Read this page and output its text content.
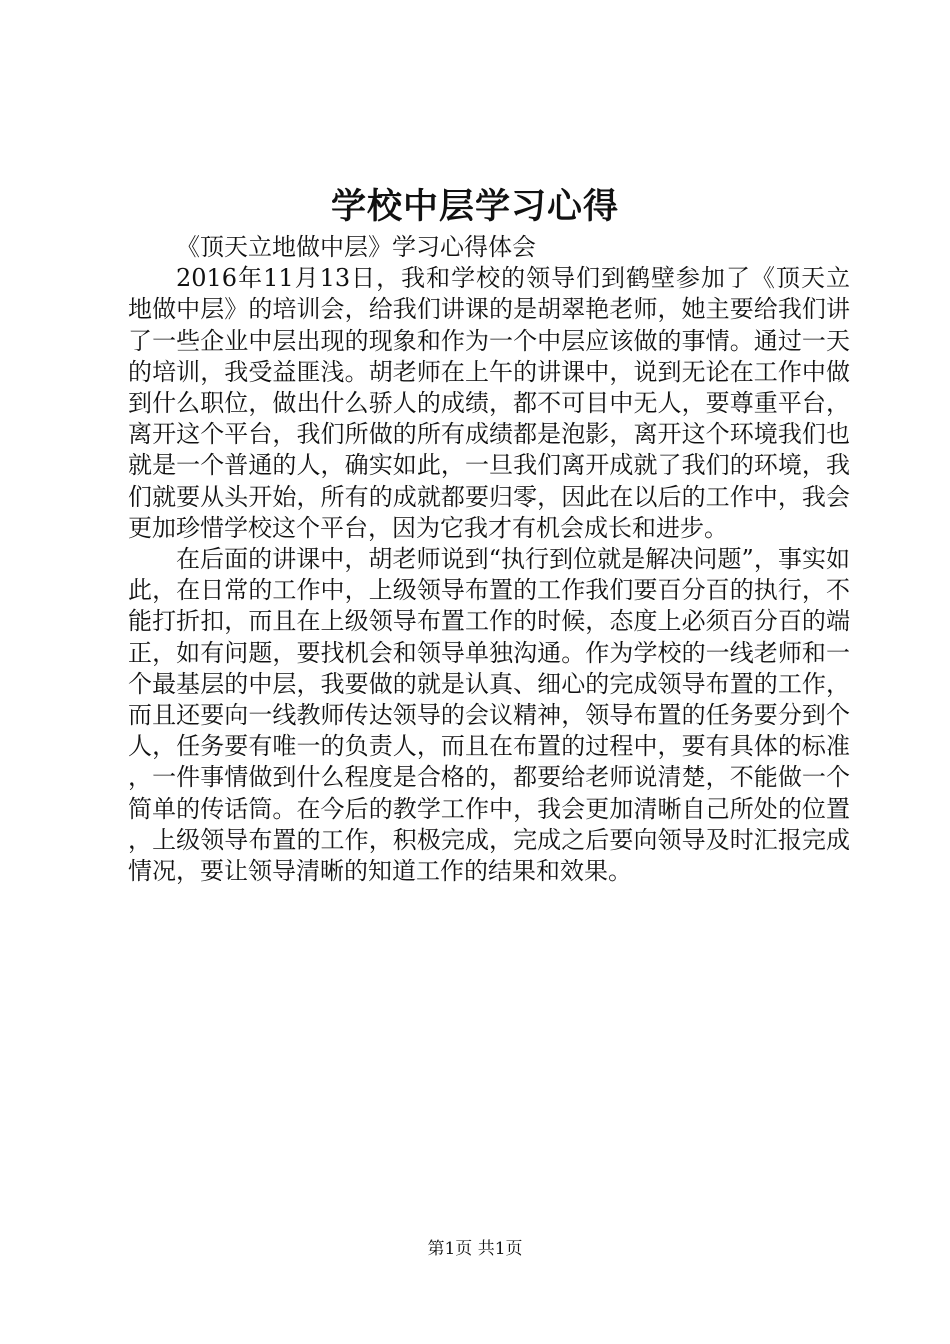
学校中层学习心得

《顶天立地做中层》学习心得体会

2016年11月13日，我和学校的领导们到鹤壁参加了《顶天立地做中层》的培训会，给我们讲课的是胡翠艳老师，她主要给我们讲了一些企业中层出现的现象和作为一个中层应该做的事情。通过一天的培训，我受益匪浅。胡老师在上午的讲课中，说到无论在工作中做到什么职位，做出什么骄人的成绩，都不可目中无人，要尊重平台，离开这个平台，我们所做的所有成绩都是泡影，离开这个环境我们也就是一个普通的人，确实如此，一旦我们离开成就了我们的环境，我们就要从头开始，所有的成就都要归零，因此在以后的工作中，我会更加珍惜学校这个平台，因为它我才有机会成长和进步。

在后面的讲课中，胡老师说到“执行到位就是解决问题”，事实如此，在日常的工作中，上级领导布置的工作我们要百分百的执行，不能打折扣，而且在上级领导布置工作的时候，态度上必须百分百的端正，如有问题，要找机会和领导单独沟通。作为学校的一线老师和一个最基层的中层，我要做的就是认真、细心的完成领导布置的工作，而且还要向一线教师传达领导的会议精神，领导布置的任务要分到个人，任务要有唯一的负责人，而且在布置的过程中，要有具体的标准，一件事情做到什么程度是合格的，都要给老师说清楚，不能做一个简单的传话筒。在今后的教学工作中，我会更加清晰自己所处的位置，上级领导布置的工作，积极完成，完成之后要向领导及时汇报完成情况，要让领导清晰的知道工作的结果和效果。

第1页 共1页
